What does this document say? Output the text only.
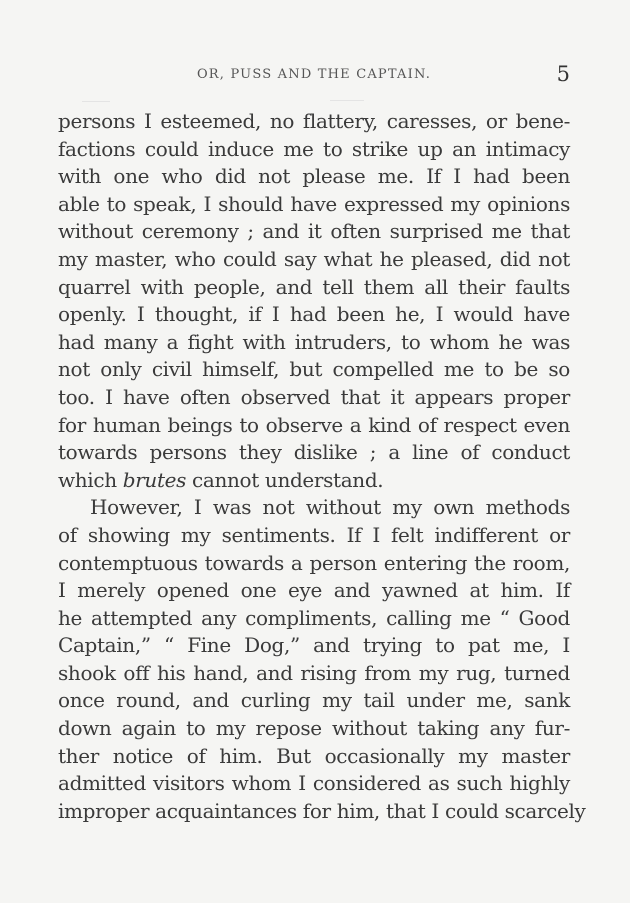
OR, PUSS AND THE CAPTAIN.	5
persons I esteemed, no flattery, caresses, or bene-
factions could induce me to strike up an intimacy
with one who did not please me. If I had been
able to speak, I should have expressed my opinions
without ceremony ; and it often surprised me that
my master, who could say what he pleased, did not
quarrel with people, and tell them all their faults
openly. I thought, if I had been he, I would have
had many a fight with intruders, to whom he was
not only civil himself, but compelled me to be so
too. I have often observed that it appears proper
for human beings to observe a kind of respect even
towards persons they dislike ; a line of conduct
which brutes cannot understand.
However, I was not without my own methods
of showing my sentiments. If I felt indifferent or
contemptuous towards a person entering the room,
I merely opened one eye and yawned at him. If
he attempted any compliments, calling me “ Good
Captain,” “ Fine Dog,” and trying to pat me, I
shook off his hand, and rising from my rug, turned
once round, and curling my tail under me, sank
down again to my repose without taking any fur-
ther notice of him. But occasionally my master
admitted visitors whom I considered as such highly
improper acquaintances for him, that I could scarcely
